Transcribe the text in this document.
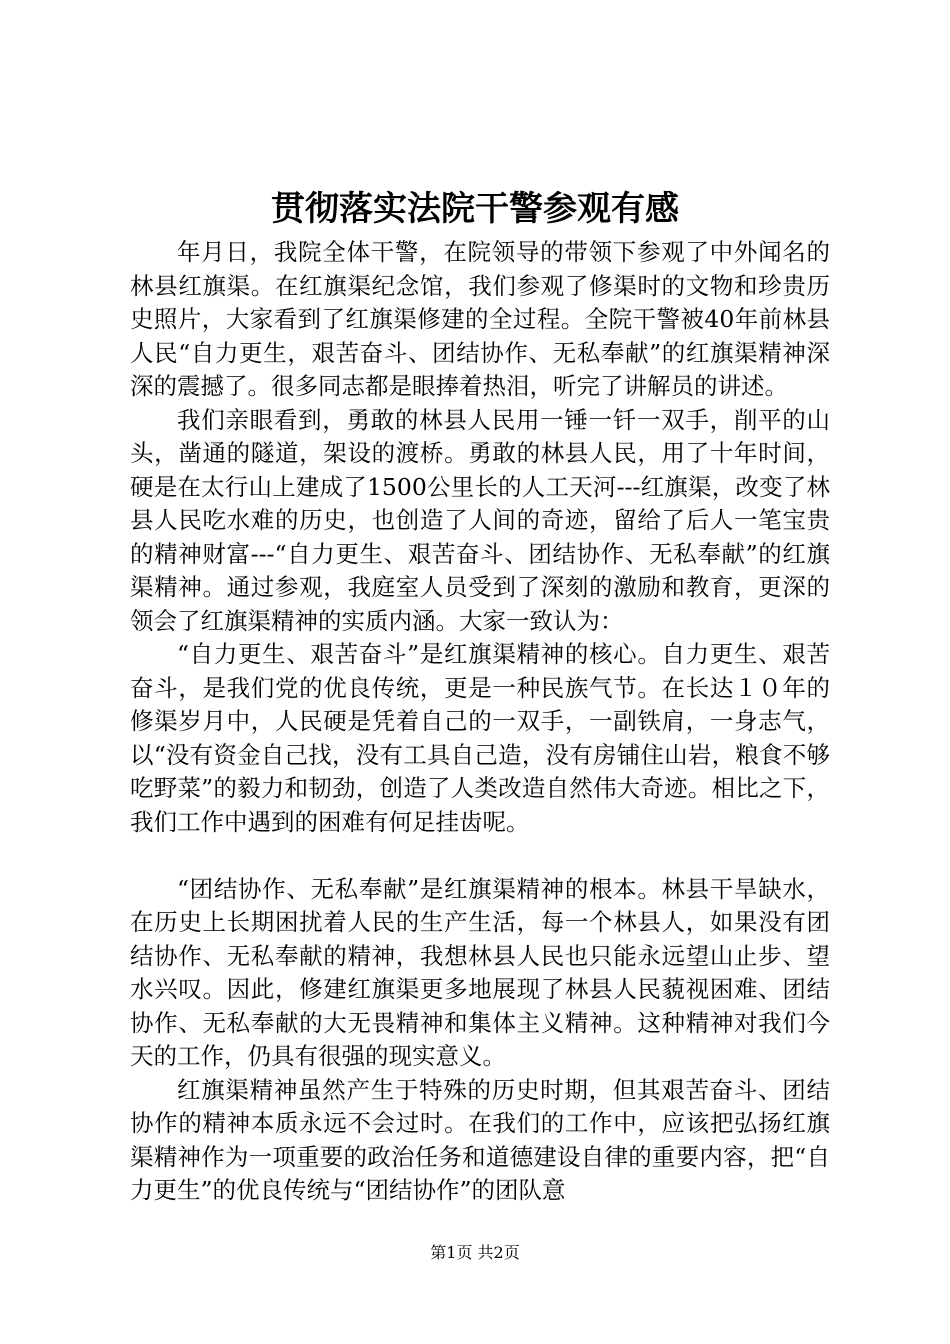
贯彻落实法院干警参观有感

年月日，我院全体干警，在院领导的带领下参观了中外闻名的林县红旗渠。在红旗渠纪念馆，我们参观了修渠时的文物和珍贵历史照片，大家看到了红旗渠修建的全过程。全院干警被40年前林县人民“自力更生，艰苦奋斗、团结协作、无私奉献”的红旗渠精神深深的震撼了。很多同志都是眼捧着热泪，听完了讲解员的讲述。

我们亲眼看到，勇敢的林县人民用一锤一钎一双手，削平的山头，凿通的隧道，架设的渡桥。勇敢的林县人民，用了十年时间，硬是在太行山上建成了1500公里长的人工天河---红旗渠，改变了林县人民吃水难的历史，也创造了人间的奇迹，留给了后人一笔宝贵的精神财富---“自力更生、艰苦奋斗、团结协作、无私奉献”的红旗渠精神。通过参观，我庭室人员受到了深刻的激励和教育，更深的领会了红旗渠精神的实质内涵。大家一致认为：

“自力更生、艰苦奋斗”是红旗渠精神的核心。自力更生、艰苦奋斗，是我们党的优良传统，更是一种民族气节。在长达１０年的修渠岁月中，人民硬是凭着自己的一双手，一副铁肩，一身志气，以“没有资金自己找，没有工具自己造，没有房铺住山岩，粮食不够吃野菜”的毅力和韧劲，创造了人类改造自然伟大奇迹。相比之下，我们工作中遇到的困难有何足挂齿呢。

“团结协作、无私奉献”是红旗渠精神的根本。林县干旱缺水，在历史上长期困扰着人民的生产生活，每一个林县人，如果没有团结协作、无私奉献的精神，我想林县人民也只能永远望山止步、望水兴叹。因此，修建红旗渠更多地展现了林县人民藐视困难、团结协作、无私奉献的大无畏精神和集体主义精神。这种精神对我们今天的工作，仍具有很强的现实意义。

红旗渠精神虽然产生于特殊的历史时期，但其艰苦奋斗、团结协作的精神本质永远不会过时。在我们的工作中，应该把弘扬红旗渠精神作为一项重要的政治任务和道德建设自律的重要内容，把“自力更生”的优良传统与“团结协作”的团队意

第1页 共2页
